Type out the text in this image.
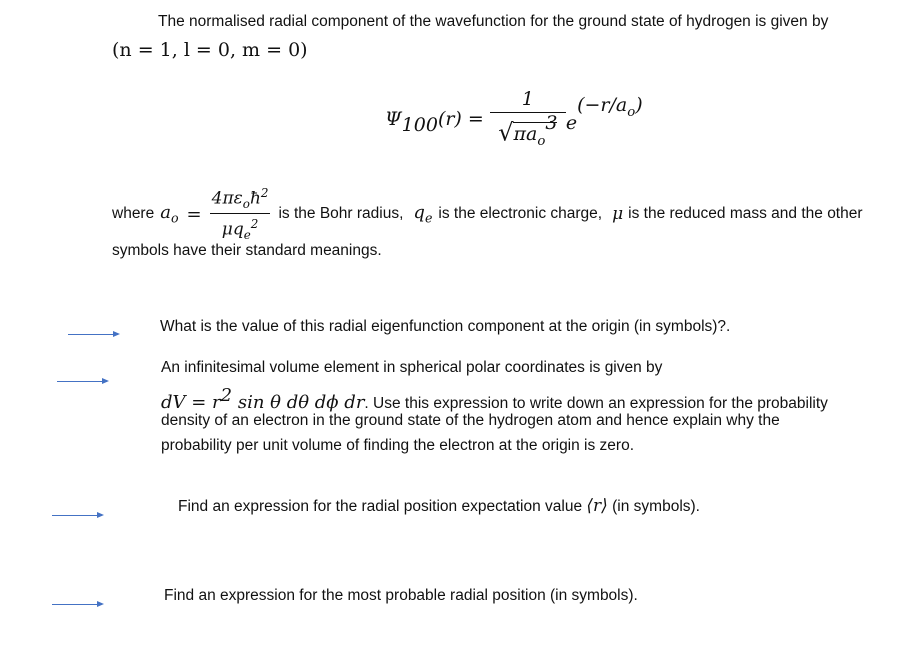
The normalised radial component of the wavefunction for the ground state of hydrogen is given by
(n = 1, l = 0, m = 0)
$\Psi_{100}$ $(r) = \frac{1}{√\pi a_o^3}$ e
$(-r/a_o)$
where $a_o = \frac{4\pi\varepsilon_oħ^2}{\mu q_e^2}$ is the Bohr radius, $q_e$ is the electronic charge, μ is the reduced mass and the other
symbols have their standard meanings.
What is the value of this radial eigenfunction component at the origin (in symbols)?.
An infinitesimal volume element in spherical polar coordinates is given by
dV = $r^2$ sin θ dθ dϕ dr. Use this expression to write down an expression for the probability
density of an electron in the ground state of the hydrogen atom and hence explain why the
probability per unit volume of finding the electron at the origin is zero.
Find an expression for the radial position expectation value ⟨r⟩ (in symbols).
Find an expression for the most probable radial position (in symbols).
